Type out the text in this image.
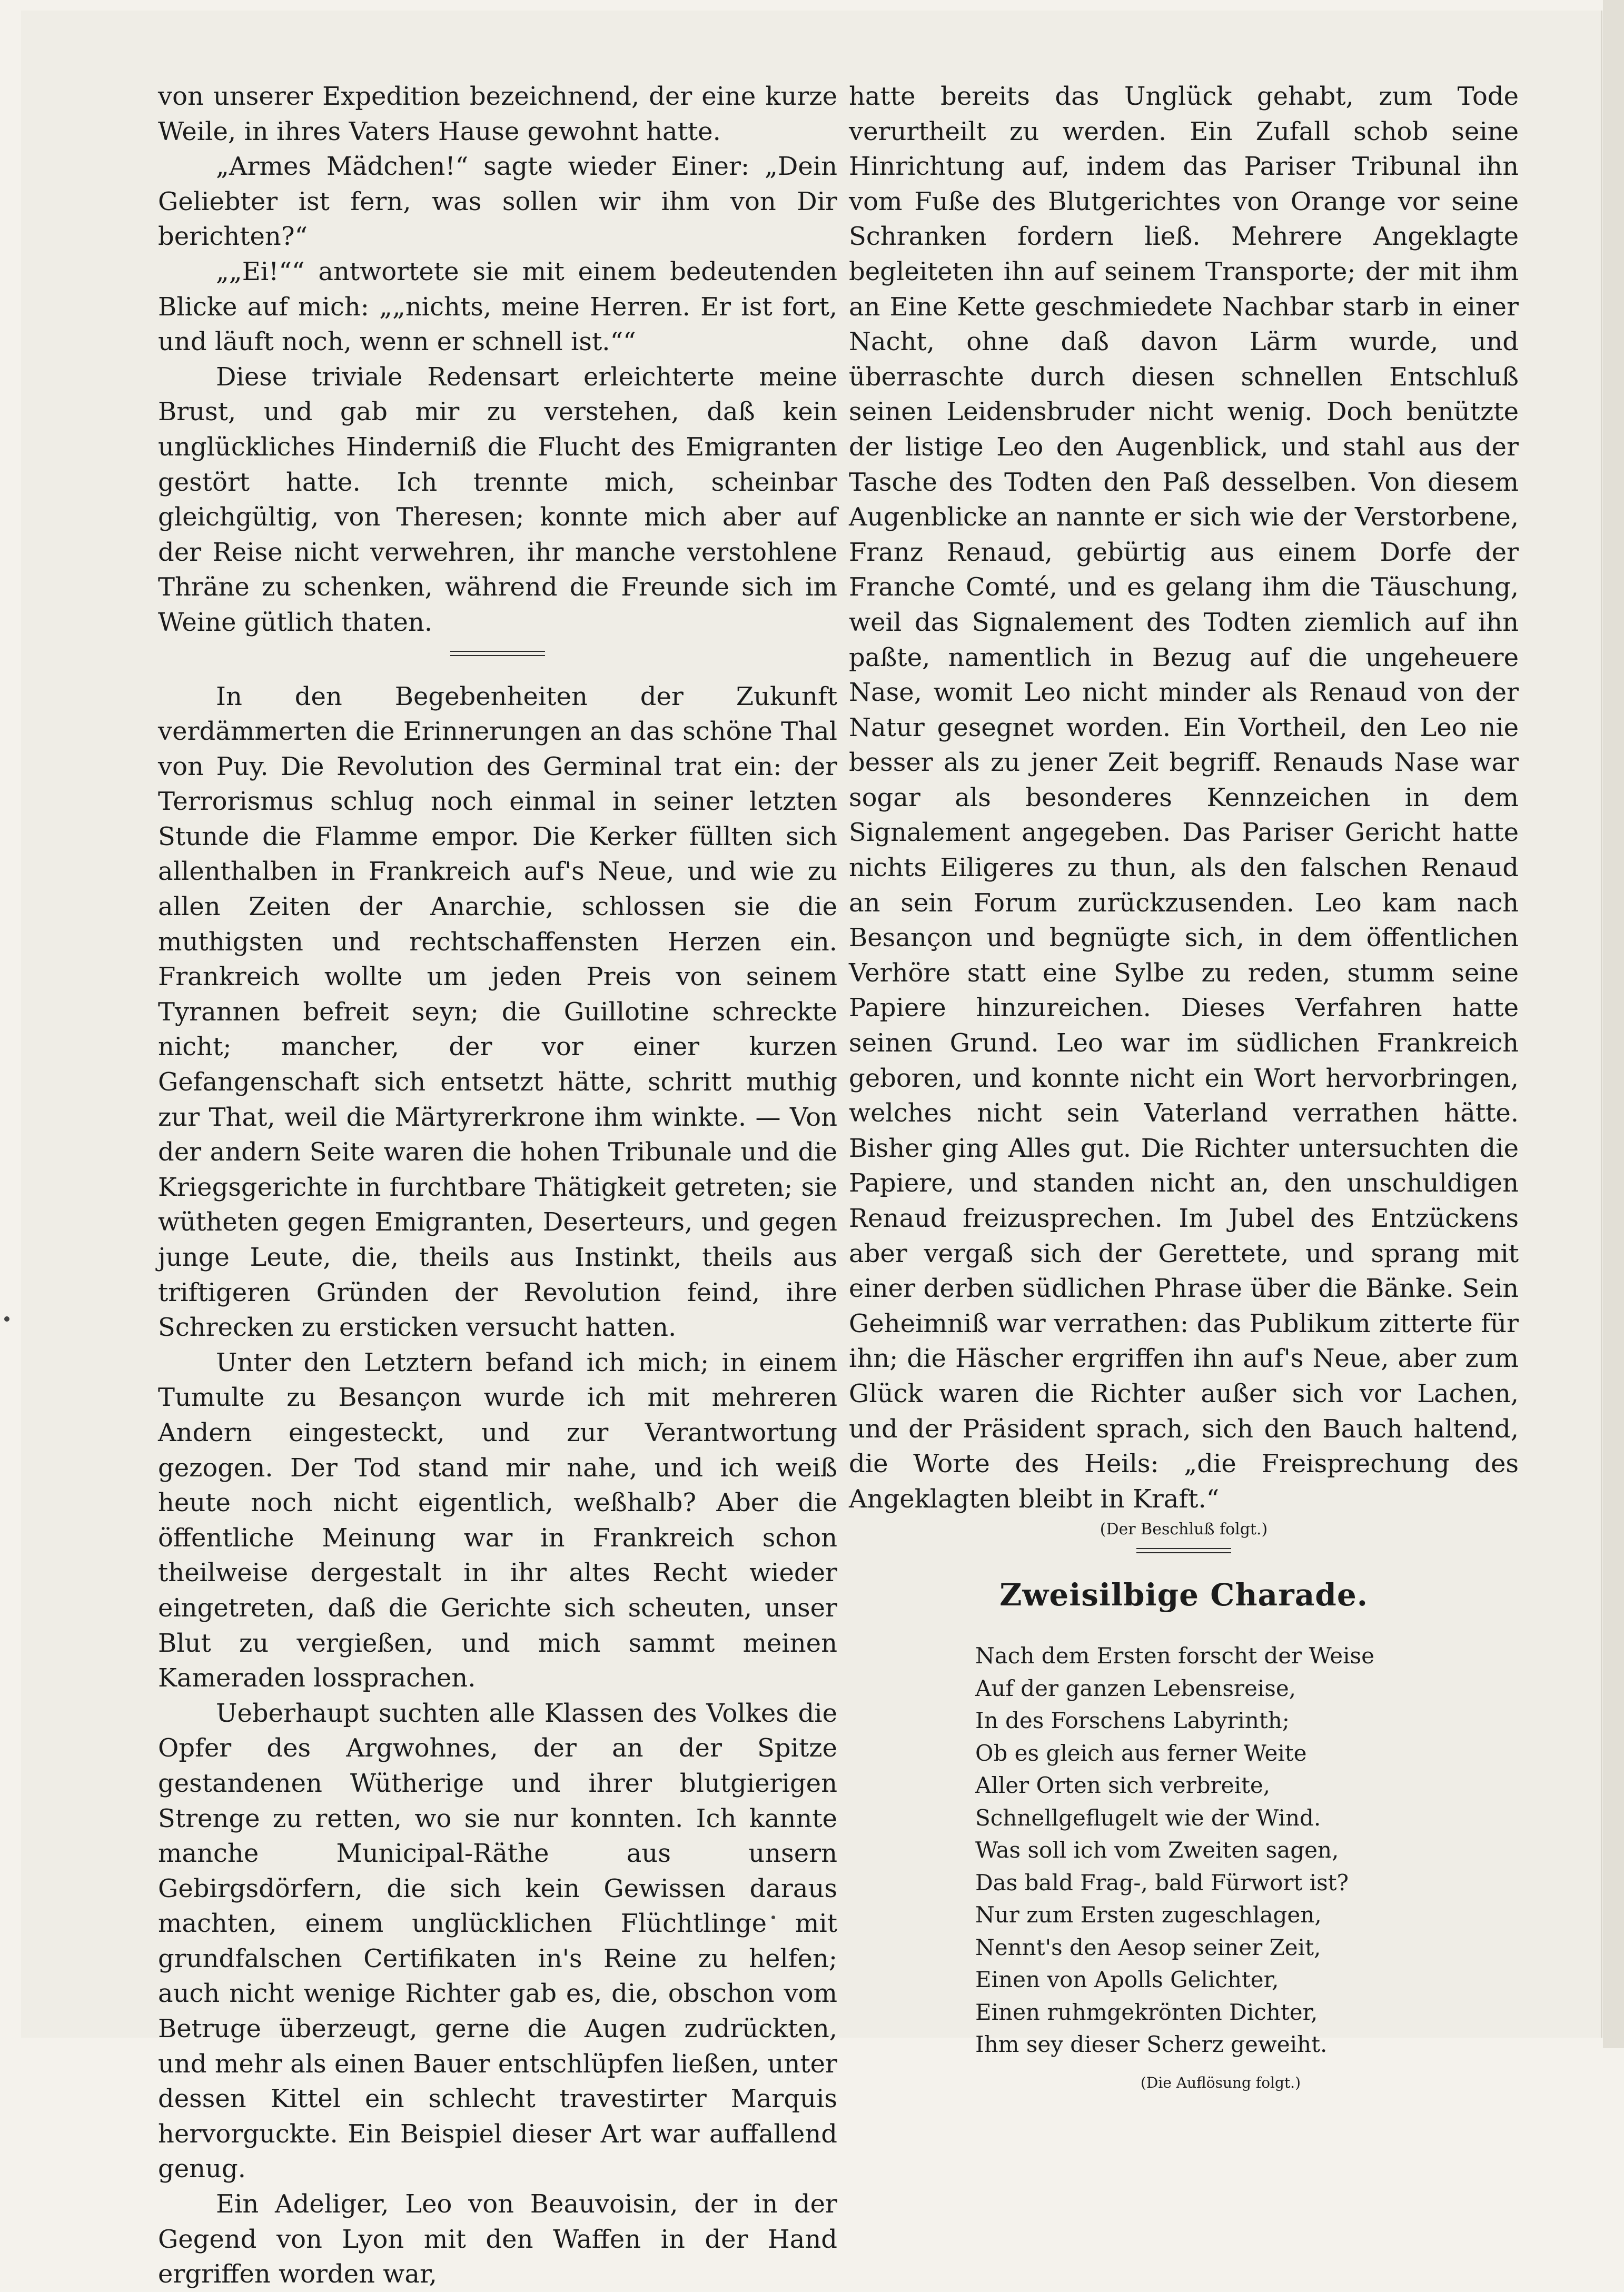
von unserer Expedition bezeichnend, der eine kurze Weile, in ihres Vaters Hause gewohnt hatte.

„Armes Mädchen!“ sagte wieder Einer: „Dein Geliebter ist fern, was sollen wir ihm von Dir berichten?“

„„Ei!““ antwortete sie mit einem bedeutenden Blicke auf mich: „„nichts, meine Herren. Er ist fort, und läuft noch, wenn er schnell ist.““

Diese triviale Redensart erleichterte meine Brust, und gab mir zu verstehen, daß kein unglückliches Hinderniß die Flucht des Emigranten gestört hatte. Ich trennte mich, scheinbar gleichgültig, von Theresen; konnte mich aber auf der Reise nicht verwehren, ihr manche verstohlene Thräne zu schenken, während die Freunde sich im Weine gütlich thaten.

In den Begebenheiten der Zukunft verdämmerten die Erinnerungen an das schöne Thal von Puy. Die Revolution des Germinal trat ein: der Terrorismus schlug noch einmal in seiner letzten Stunde die Flamme empor. Die Kerker füllten sich allenthalben in Frankreich auf's Neue, und wie zu allen Zeiten der Anarchie, schlossen sie die muthigsten und rechtschaffensten Herzen ein. Frankreich wollte um jeden Preis von seinem Tyrannen befreit seyn; die Guillotine schreckte nicht; mancher, der vor einer kurzen Gefangenschaft sich entsetzt hätte, schritt muthig zur That, weil die Märtyrerkrone ihm winkte. — Von der andern Seite waren die hohen Tribunale und die Kriegsgerichte in furchtbare Thätigkeit getreten; sie wütheten gegen Emigranten, Deserteurs, und gegen junge Leute, die, theils aus Instinkt, theils aus triftigeren Gründen der Revolution feind, ihre Schrecken zu ersticken versucht hatten.

Unter den Letztern befand ich mich; in einem Tumulte zu Besançon wurde ich mit mehreren Andern eingesteckt, und zur Verantwortung gezogen. Der Tod stand mir nahe, und ich weiß heute noch nicht eigentlich, weßhalb? Aber die öffentliche Meinung war in Frankreich schon theilweise dergestalt in ihr altes Recht wieder eingetreten, daß die Gerichte sich scheuten, unser Blut zu vergießen, und mich sammt meinen Kameraden lossprachen.

Ueberhaupt suchten alle Klassen des Volkes die Opfer des Argwohnes, der an der Spitze gestandenen Wütherige und ihrer blutgierigen Strenge zu retten, wo sie nur konnten. Ich kannte manche Municipal-Räthe aus unsern Gebirgsdörfern, die sich kein Gewissen daraus machten, einem unglücklichen Flüchtlinge mit grundfalschen Certifikaten in's Reine zu helfen; auch nicht wenige Richter gab es, die, obschon vom Betruge überzeugt, gerne die Augen zudrückten, und mehr als einen Bauer entschlüpfen ließen, unter dessen Kittel ein schlecht travestirter Marquis hervorguckte. Ein Beispiel dieser Art war auffallend genug.

Ein Adeliger, Leo von Beauvoisin, der in der Gegend von Lyon mit den Waffen in der Hand ergriffen worden war,

hatte bereits das Unglück gehabt, zum Tode verurtheilt zu werden. Ein Zufall schob seine Hinrichtung auf, indem das Pariser Tribunal ihn vom Fuße des Blutgerichtes von Orange vor seine Schranken fordern ließ. Mehrere Angeklagte begleiteten ihn auf seinem Transporte; der mit ihm an Eine Kette geschmiedete Nachbar starb in einer Nacht, ohne daß davon Lärm wurde, und überraschte durch diesen schnellen Entschluß seinen Leidensbruder nicht wenig. Doch benützte der listige Leo den Augenblick, und stahl aus der Tasche des Todten den Paß desselben. Von diesem Augenblicke an nannte er sich wie der Verstorbene, Franz Renaud, gebürtig aus einem Dorfe der Franche Comté, und es gelang ihm die Täuschung, weil das Signalement des Todten ziemlich auf ihn paßte, namentlich in Bezug auf die ungeheuere Nase, womit Leo nicht minder als Renaud von der Natur gesegnet worden. Ein Vortheil, den Leo nie besser als zu jener Zeit begriff. Renauds Nase war sogar als besonderes Kennzeichen in dem Signalement angegeben. Das Pariser Gericht hatte nichts Eiligeres zu thun, als den falschen Renaud an sein Forum zurückzusenden. Leo kam nach Besançon und begnügte sich, in dem öffentlichen Verhöre statt eine Sylbe zu reden, stumm seine Papiere hinzureichen. Dieses Verfahren hatte seinen Grund. Leo war im südlichen Frankreich geboren, und konnte nicht ein Wort hervorbringen, welches nicht sein Vaterland verrathen hätte. Bisher ging Alles gut. Die Richter untersuchten die Papiere, und standen nicht an, den unschuldigen Renaud freizusprechen. Im Jubel des Entzückens aber vergaß sich der Gerettete, und sprang mit einer derben südlichen Phrase über die Bänke. Sein Geheimniß war verrathen: das Publikum zitterte für ihn; die Häscher ergriffen ihn auf's Neue, aber zum Glück waren die Richter außer sich vor Lachen, und der Präsident sprach, sich den Bauch haltend, die Worte des Heils: „die Freisprechung des Angeklagten bleibt in Kraft.“

(Der Beschluß folgt.)

Zweisilbige Charade.
Nach dem Ersten forscht der Weise
Auf der ganzen Lebensreise,
In des Forschens Labyrinth;
Ob es gleich aus ferner Weite
Aller Orten sich verbreite,
Schnellgeflugelt wie der Wind.
Was soll ich vom Zweiten sagen,
Das bald Frag-, bald Fürwort ist?
Nur zum Ersten zugeschlagen,
Nennt's den Aesop seiner Zeit,
Einen von Apolls Gelichter,
Einen ruhmgekrönten Dichter,
Ihm sey dieser Scherz geweiht.
(Die Auflösung folgt.)
